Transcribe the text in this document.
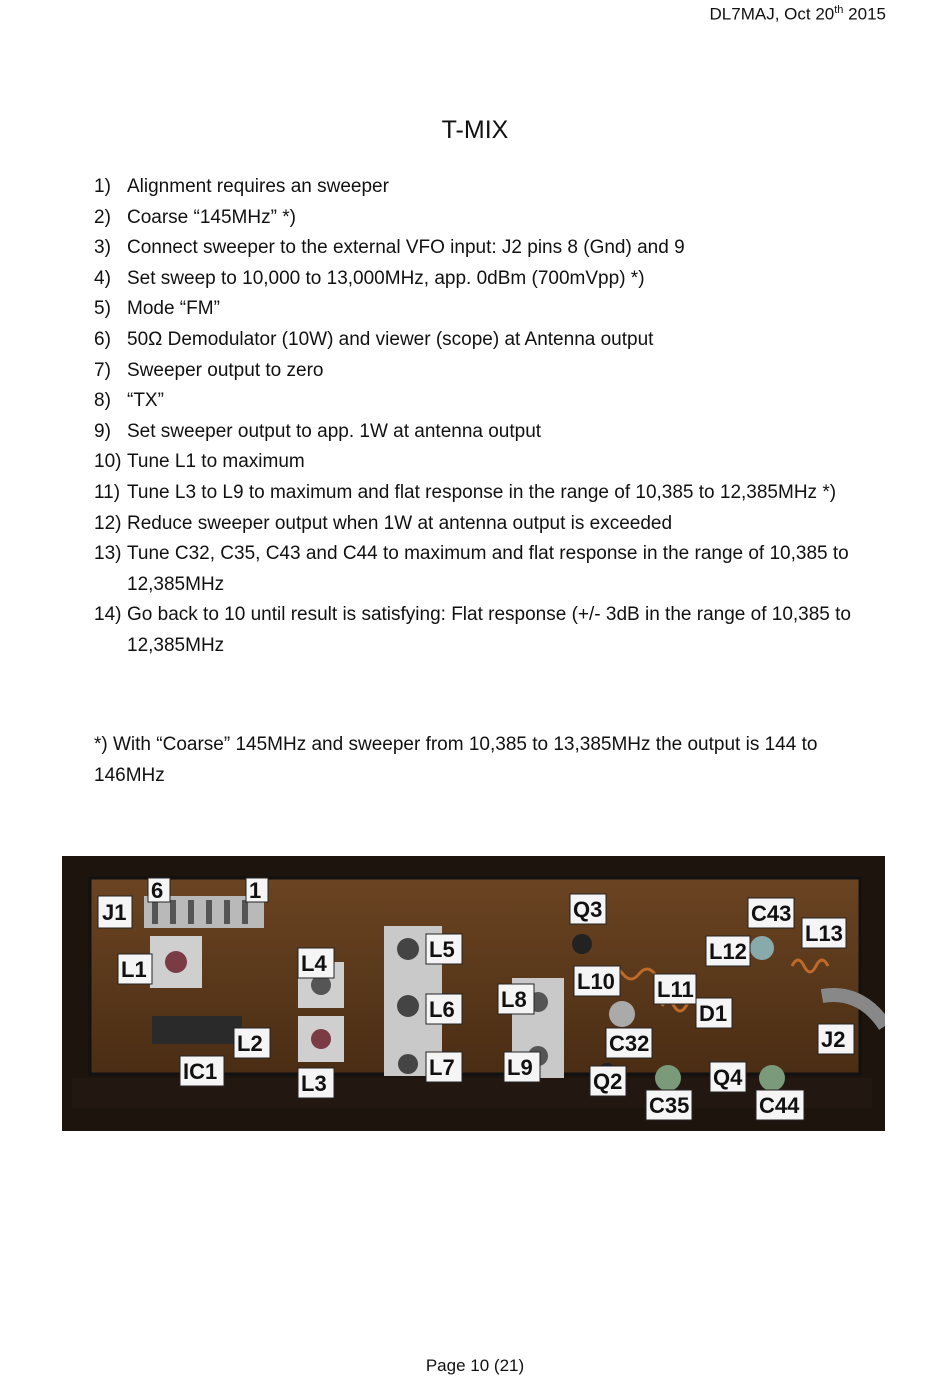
DL7MAJ, Oct 20th 2015
T-MIX
1) Alignment requires an sweeper
2) Coarse “145MHz” *)
3) Connect sweeper to the external VFO input: J2 pins 8 (Gnd) and 9
4) Set sweep to 10,000 to 13,000MHz, app. 0dBm (700mVpp) *)
5) Mode “FM”
6) 50Ω Demodulator (10W) and viewer (scope) at Antenna output
7) Sweeper output to zero
8) “TX”
9) Set sweeper output to app. 1W at antenna output
10) Tune L1 to maximum
11) Tune L3 to L9 to maximum and flat response in the range of 10,385 to 12,385MHz *)
12) Reduce sweeper output when 1W at antenna output is exceeded
13) Tune C32, C35, C43 and C44 to maximum and flat response in the range of 10,385 to 12,385MHz
14) Go back to 10 until result is satisfying: Flat response (+/- 3dB in the range of 10,385 to 12,385MHz
*) With “Coarse” 145MHz and sweeper from 10,385 to 13,385MHz the output is 144 to 146MHz
J1
6	1
L1
IC1
L2
L4
L3
L5
L6
L7
L8
L9
Q3
L10
C32
Q2
C35
L11
L12
D1
Q4
C43
L13
J2
C44
Page 10 (21)
